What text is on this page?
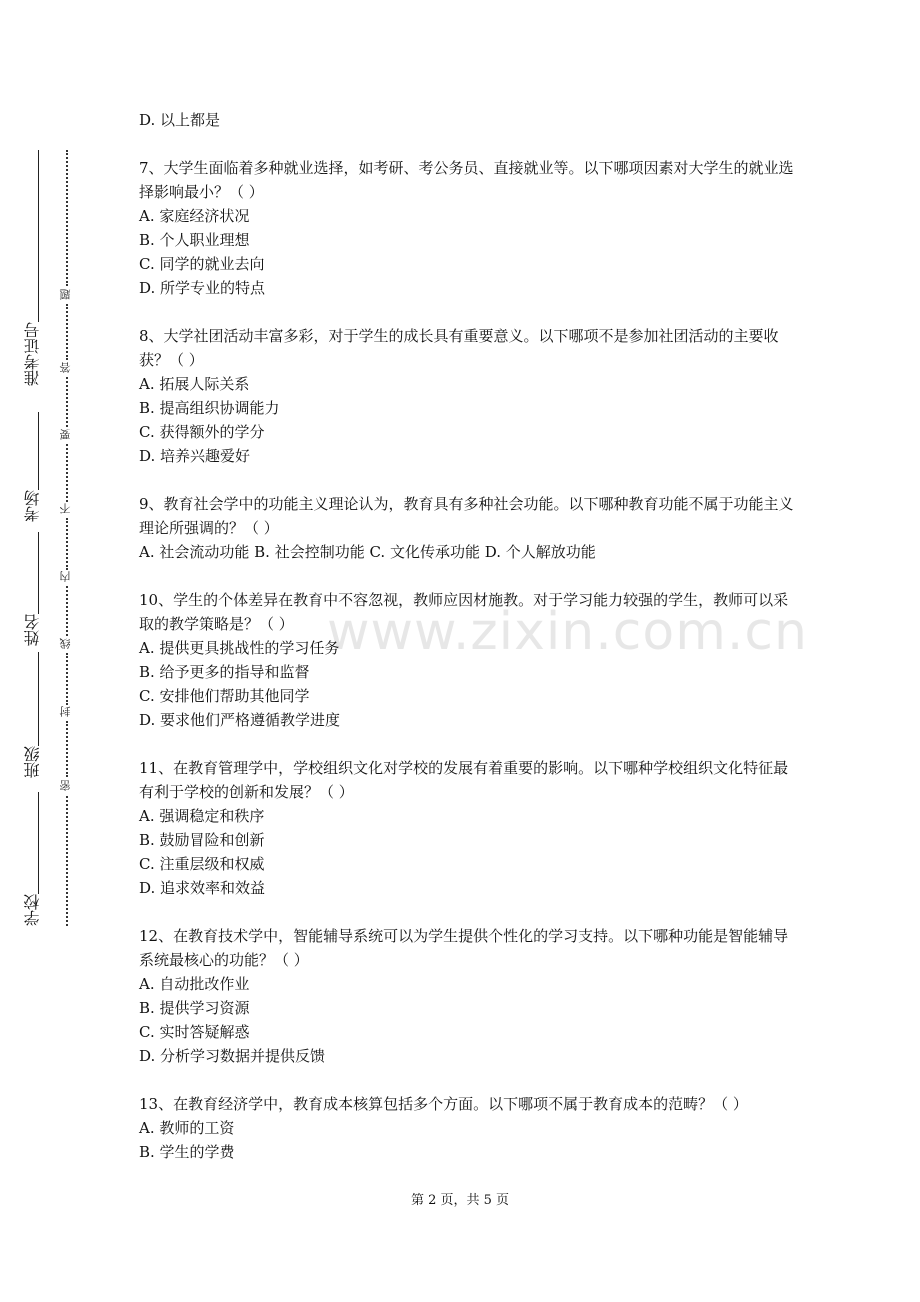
准考证号
考场
姓名
班级
学校
题
答
要
不
内
线
封
密
www.zixin.com.cn
D. 以上都是
7、大学生面临着多种就业选择，如考研、考公务员、直接就业等。以下哪项因素对大学生的就业选择影响最小？（ ）
A. 家庭经济状况
B. 个人职业理想
C. 同学的就业去向
D. 所学专业的特点
8、大学社团活动丰富多彩，对于学生的成长具有重要意义。以下哪项不是参加社团活动的主要收获？（ ）
A. 拓展人际关系
B. 提高组织协调能力
C. 获得额外的学分
D. 培养兴趣爱好
9、教育社会学中的功能主义理论认为，教育具有多种社会功能。以下哪种教育功能不属于功能主义理论所强调的？（ ）
A. 社会流动功能 B. 社会控制功能 C. 文化传承功能 D. 个人解放功能
10、学生的个体差异在教育中不容忽视，教师应因材施教。对于学习能力较强的学生，教师可以采取的教学策略是？（ ）
A. 提供更具挑战性的学习任务
B. 给予更多的指导和监督
C. 安排他们帮助其他同学
D. 要求他们严格遵循教学进度
11、在教育管理学中，学校组织文化对学校的发展有着重要的影响。以下哪种学校组织文化特征最有利于学校的创新和发展？（ ）
A. 强调稳定和秩序
B. 鼓励冒险和创新
C. 注重层级和权威
D. 追求效率和效益
12、在教育技术学中，智能辅导系统可以为学生提供个性化的学习支持。以下哪种功能是智能辅导系统最核心的功能？（ ）
A. 自动批改作业
B. 提供学习资源
C. 实时答疑解惑
D. 分析学习数据并提供反馈
13、在教育经济学中，教育成本核算包括多个方面。以下哪项不属于教育成本的范畴？（ ）
A. 教师的工资
B. 学生的学费
第 2 页，共 5 页
